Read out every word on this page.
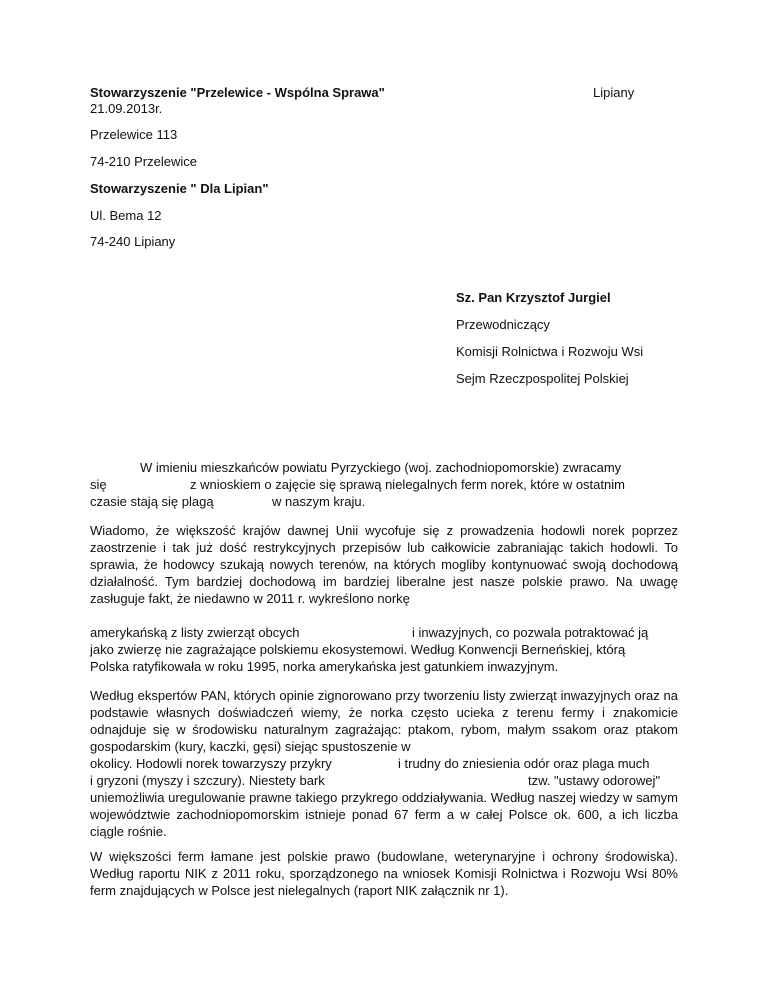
Stowarzyszenie "Przelewice - Wspólna Sprawa"	Lipiany
21.09.2013r.
Przelewice 113
74-210 Przelewice
Stowarzyszenie " Dla Lipian"
Ul. Bema 12
74-240 Lipiany
Sz. Pan Krzysztof Jurgiel
Przewodniczący
Komisji Rolnictwa i Rozwoju Wsi
Sejm Rzeczpospolitej Polskiej
W imieniu mieszkańców powiatu Pyrzyckiego (woj. zachodniopomorskie) zwracamy
się	z wnioskiem o zajęcie się sprawą nielegalnych ferm norek, które w ostatnim
czasie stają się plagą	w naszym kraju.

Wiadomo, że większość krajów dawnej Unii wycofuje się z prowadzenia hodowli norek poprzez zaostrzenie i tak już dość restrykcyjnych przepisów lub całkowicie zabraniając takich hodowli. To sprawia, że hodowcy szukają nowych terenów, na których mogliby kontynuować swoją dochodową działalność. Tym bardziej dochodową im bardziej liberalne jest nasze polskie prawo. Na uwagę zasługuje fakt, że niedawno w 2011 r. wykreślono norkę

amerykańską z listy zwierząt obcych	i inwazyjnych, co pozwala potraktować ją
jako zwierzę nie zagrażające polskiemu ekosystemowi. Według Konwencji Berneńskiej, którą
Polska ratyfikowała w roku 1995, norka amerykańska jest gatunkiem inwazyjnym.

Według ekspertów PAN, których opinie zignorowano przy tworzeniu listy zwierząt inwazyjnych oraz na podstawie własnych doświadczeń wiemy, że norka często ucieka z terenu fermy i znakomicie odnajduje się w środowisku naturalnym zagrażając: ptakom, rybom, małym ssakom oraz ptakom gospodarskim (kury, kaczki, gęsi) siejąc spustoszenie w

okolicy. Hodowli norek towarzyszy przykry	i trudny do zniesienia odór oraz plaga much
i gryzoni (myszy i szczury). Niestety bark	tzw. "ustawy odorowej"

uniemożliwia uregulowanie prawne takiego przykrego oddziaływania. Według naszej wiedzy w samym województwie zachodniopomorskim istnieje ponad 67 ferm a w całej Polsce ok. 600, a ich liczba ciągle rośnie.

W większości ferm łamane jest polskie prawo (budowlane, weterynaryjne i ochrony środowiska). Według raportu NIK z 2011 roku, sporządzonego na wniosek Komisji Rolnictwa i Rozwoju Wsi 80% ferm znajdujących w Polsce jest nielegalnych (raport NIK załącznik nr 1).
